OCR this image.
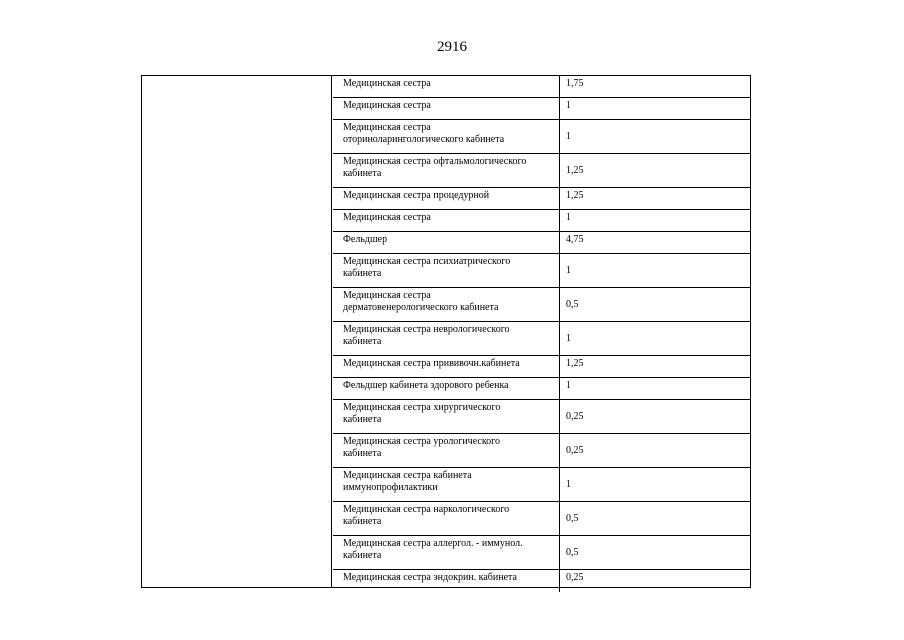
2916
Медицинская сестра	1,75
Медицинская сестра	1
Медицинская сестра
оториноларингологического кабинета	1
Медицинская сестра офтальмологического
кабинета	1,25
Медицинская сестра процедурной	1,25
Медицинская сестра	1
Фельдшер	4,75
Медицинская сестра психиатрического
кабинета	1
Медицинская сестра
дерматовенерологического кабинета	0,5
Медицинская сестра неврологического
кабинета	1
Медицинская сестра прививочн.кабинета	1,25
Фельдшер кабинета здорового ребенка	1
Медицинская сестра хирургического
кабинета	0,25
Медицинская сестра урологического
кабинета	0,25
Медицинская сестра кабинета
иммунопрофилактики	1
Медицинская сестра наркологического
кабинета	0,5
Медицинская сестра аллергол. - иммунол.
кабинета	0,5
Медицинская сестра эндокрин. кабинета	0,25
